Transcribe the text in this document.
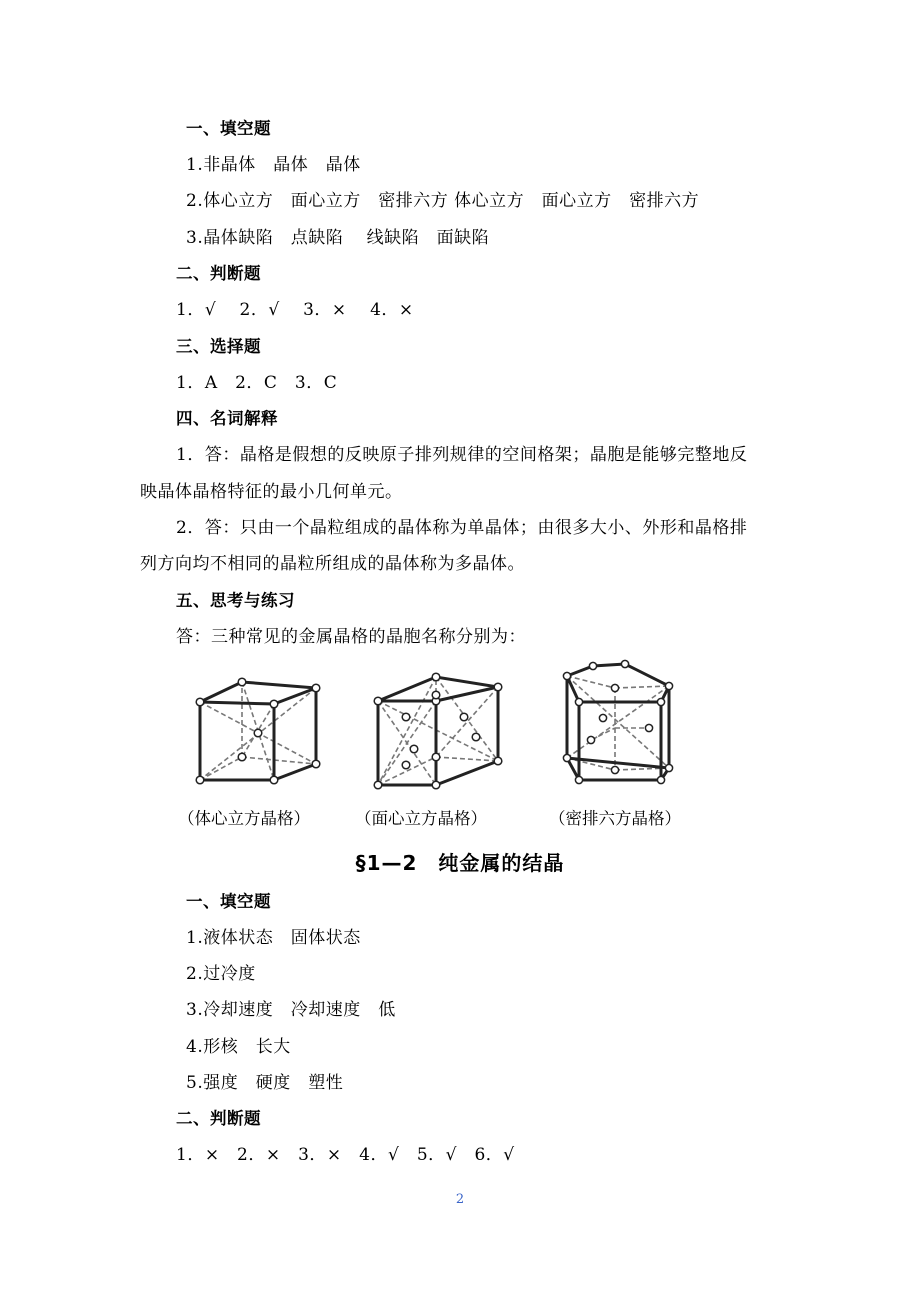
一、填空题
1.非晶体　晶体　晶体
2.体心立方　面心立方　密排六方 体心立方　面心立方　密排六方
3.晶体缺陷　点缺陷　 线缺陷　面缺陷
二、判断题
1．√　 2．√　 3．×　 4．×
三、选择题
1．A　2．C　3．C
四、名词解释
1．答：晶格是假想的反映原子排列规律的空间格架；晶胞是能够完整地反
映晶体晶格特征的最小几何单元。
2．答：只由一个晶粒组成的晶体称为单晶体；由很多大小、外形和晶格排
列方向均不相同的晶粒所组成的晶体称为多晶体。
五、思考与练习
答：三种常见的金属晶格的晶胞名称分别为：
（体心立方晶格）	（面心立方晶格）	（密排六方晶格）
§1—2　纯金属的结晶
一、填空题
1.液体状态　固体状态
2.过冷度
3.冷却速度　冷却速度　低
4.形核　长大
5.强度　硬度　塑性
二、判断题
1．×　2．×　3．×　4．√　5．√　6．√
2
